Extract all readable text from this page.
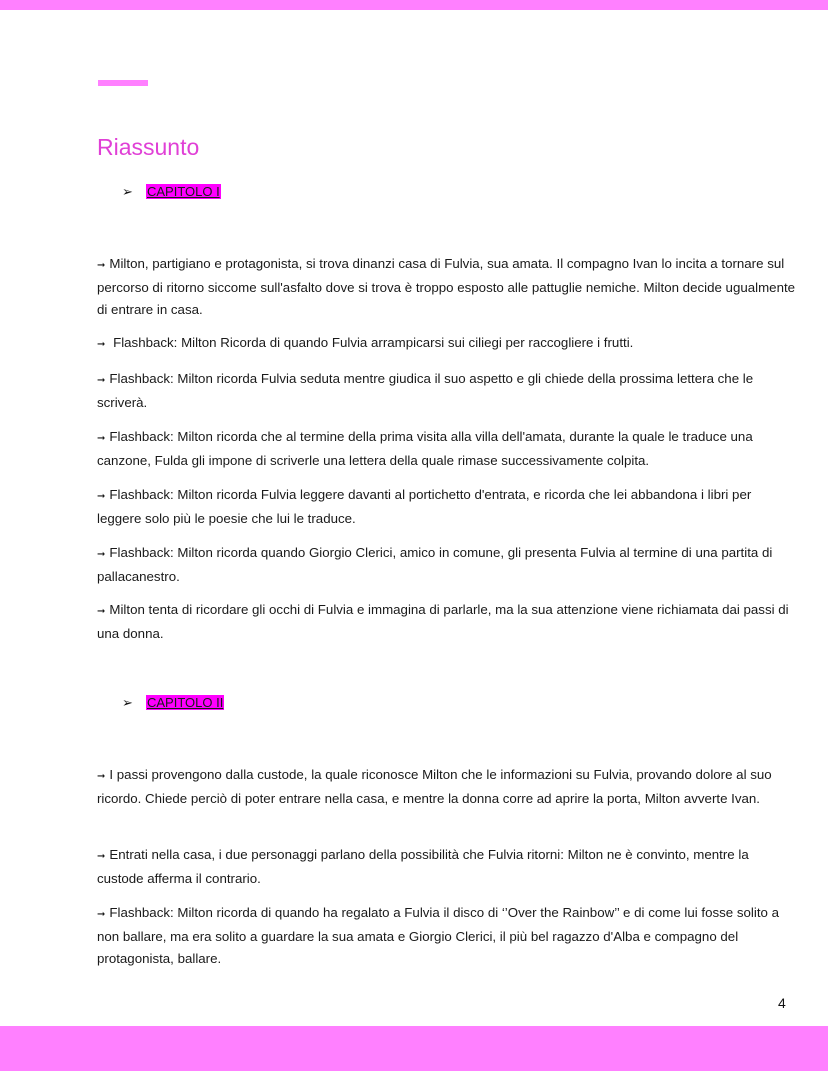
Riassunto
➢ CAPITOLO I

➞ Milton, partigiano e protagonista, si trova dinanzi casa di Fulvia, sua amata. Il compagno Ivan lo incita a tornare sul percorso di ritorno siccome sull'asfalto dove si trova è troppo esposto alle pattuglie nemiche. Milton decide ugualmente di entrare in casa.

➞ Flashback: Milton Ricorda di quando Fulvia arrampicarsi sui ciliegi per raccogliere i frutti.

➞ Flashback: Milton ricorda Fulvia seduta mentre giudica il suo aspetto e gli chiede della prossima lettera che le scriverà.

➞ Flashback: Milton ricorda che al termine della prima visita alla villa dell'amata, durante la quale le traduce una canzone, Fulda gli impone di scriverle una lettera della quale rimase successivamente colpita.

➞ Flashback: Milton ricorda Fulvia leggere davanti al portichetto d'entrata, e ricorda che lei abbandona i libri per leggere solo più le poesie che lui le traduce.

➞ Flashback: Milton ricorda quando Giorgio Clerici, amico in comune, gli presenta Fulvia al termine di una partita di pallacanestro.

➞ Milton tenta di ricordare gli occhi di Fulvia e immagina di parlarle, ma la sua attenzione viene richiamata dai passi di una donna.

➢ CAPITOLO II

➞ I passi provengono dalla custode, la quale riconosce Milton che le informazioni su Fulvia, provando dolore al suo ricordo. Chiede perciò di poter entrare nella casa, e mentre la donna corre ad aprire la porta, Milton avverte Ivan.

➞ Entrati nella casa, i due personaggi parlano della possibilità che Fulvia ritorni: Milton ne è convinto, mentre la custode afferma il contrario.

➞ Flashback: Milton ricorda di quando ha regalato a Fulvia il disco di ‘’Over the Rainbow’’ e di come lui fosse solito a non ballare, ma era solito a guardare la sua amata e Giorgio Clerici, il più bel ragazzo d'Alba e compagno del protagonista, ballare.

4
